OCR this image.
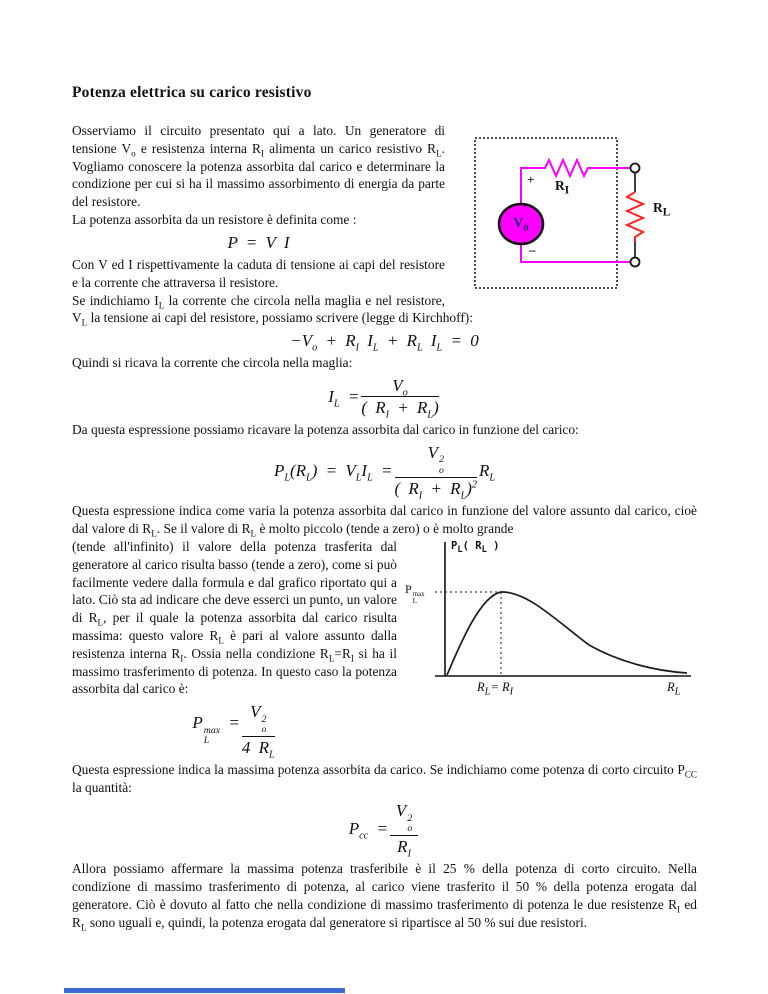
Potenza elettrica su carico resistivo
+
$V_o$
–
$R_I$
$R_L$

Osserviamo il circuito presentato qui a lato. Un generatore di tensione $V_o$ e resistenza interna $R_I$ alimenta un carico resistivo $R_L$. Vogliamo conoscere la potenza assorbita dal carico e determinare la condizione per cui si ha il massimo assorbimento di energia da parte del resistore.

La potenza assorbita da un resistore è definita come :

P = V I

Con V ed I rispettivamente la caduta di tensione ai capi del resistore e la corrente che attraversa il resistore.

Se indichiamo $I_L$ la corrente che circola nella maglia e nel resistore, $V_L$ la tensione ai capi del resistore, possiamo scrivere (legge di Kirchhoff):

$-V_o + R_I$ $I_L + R_L$ $I_L = 0$

Quindi si ricava la corrente che circola nella maglia:

$I_L = \frac{V_o}{( R_I + R_L)}$

Da questa espressione possiamo ricavare la potenza assorbita dal carico in funzione del carico:

$P_L(R_L) = V_LI_L = V$ 2
o
( $R_I + R_L)^2$ $R_L$

Questa espressione indica come varia la potenza assorbita dal carico in funzione del valore assunto dal carico, cioè dal valore di $R_L$. Se il valore di $R_L$ è molto piccolo (tende a zero) o è molto grande

$P_L$( $R_L$ )
P max
L
$R_L= R_I$	$R_L$

(tende all'infinito) il valore della potenza trasferita dal generatore al carico risulta basso (tende a zero), come si può facilmente vedere dalla formula e dal grafico riportato qui a lato. Ciò sta ad indicare che deve esserci un punto, un valore di $R_L$, per il quale la potenza assorbita dal carico risulta massima: questo valore $R_L$ è pari al valore assunto dalla resistenza interna $R_I$. Ossia nella condizione $R_L=R_I$ si ha il massimo trasferimento di potenza. In questo caso la potenza assorbita dal carico è:

P max
L
= V 2
o
4 $R_L$

Questa espressione indica la massima potenza assorbita da carico. Se indichiamo come potenza di corto circuito $P_{CC}$ la quantità:

$P_{cc} = V$ 2
o
$R_I$

Allora possiamo affermare la massima potenza trasferibile è il 25 % della potenza di corto circuito. Nella condizione di massimo trasferimento di potenza, al carico viene trasferito il 50 % della potenza erogata dal generatore. Ciò è dovuto al fatto che nella condizione di massimo trasferimento di potenza le due resistenze $R_I$ ed $R_L$ sono uguali e, quindi, la potenza erogata dal generatore si ripartisce al 50 % sui due resistori.
